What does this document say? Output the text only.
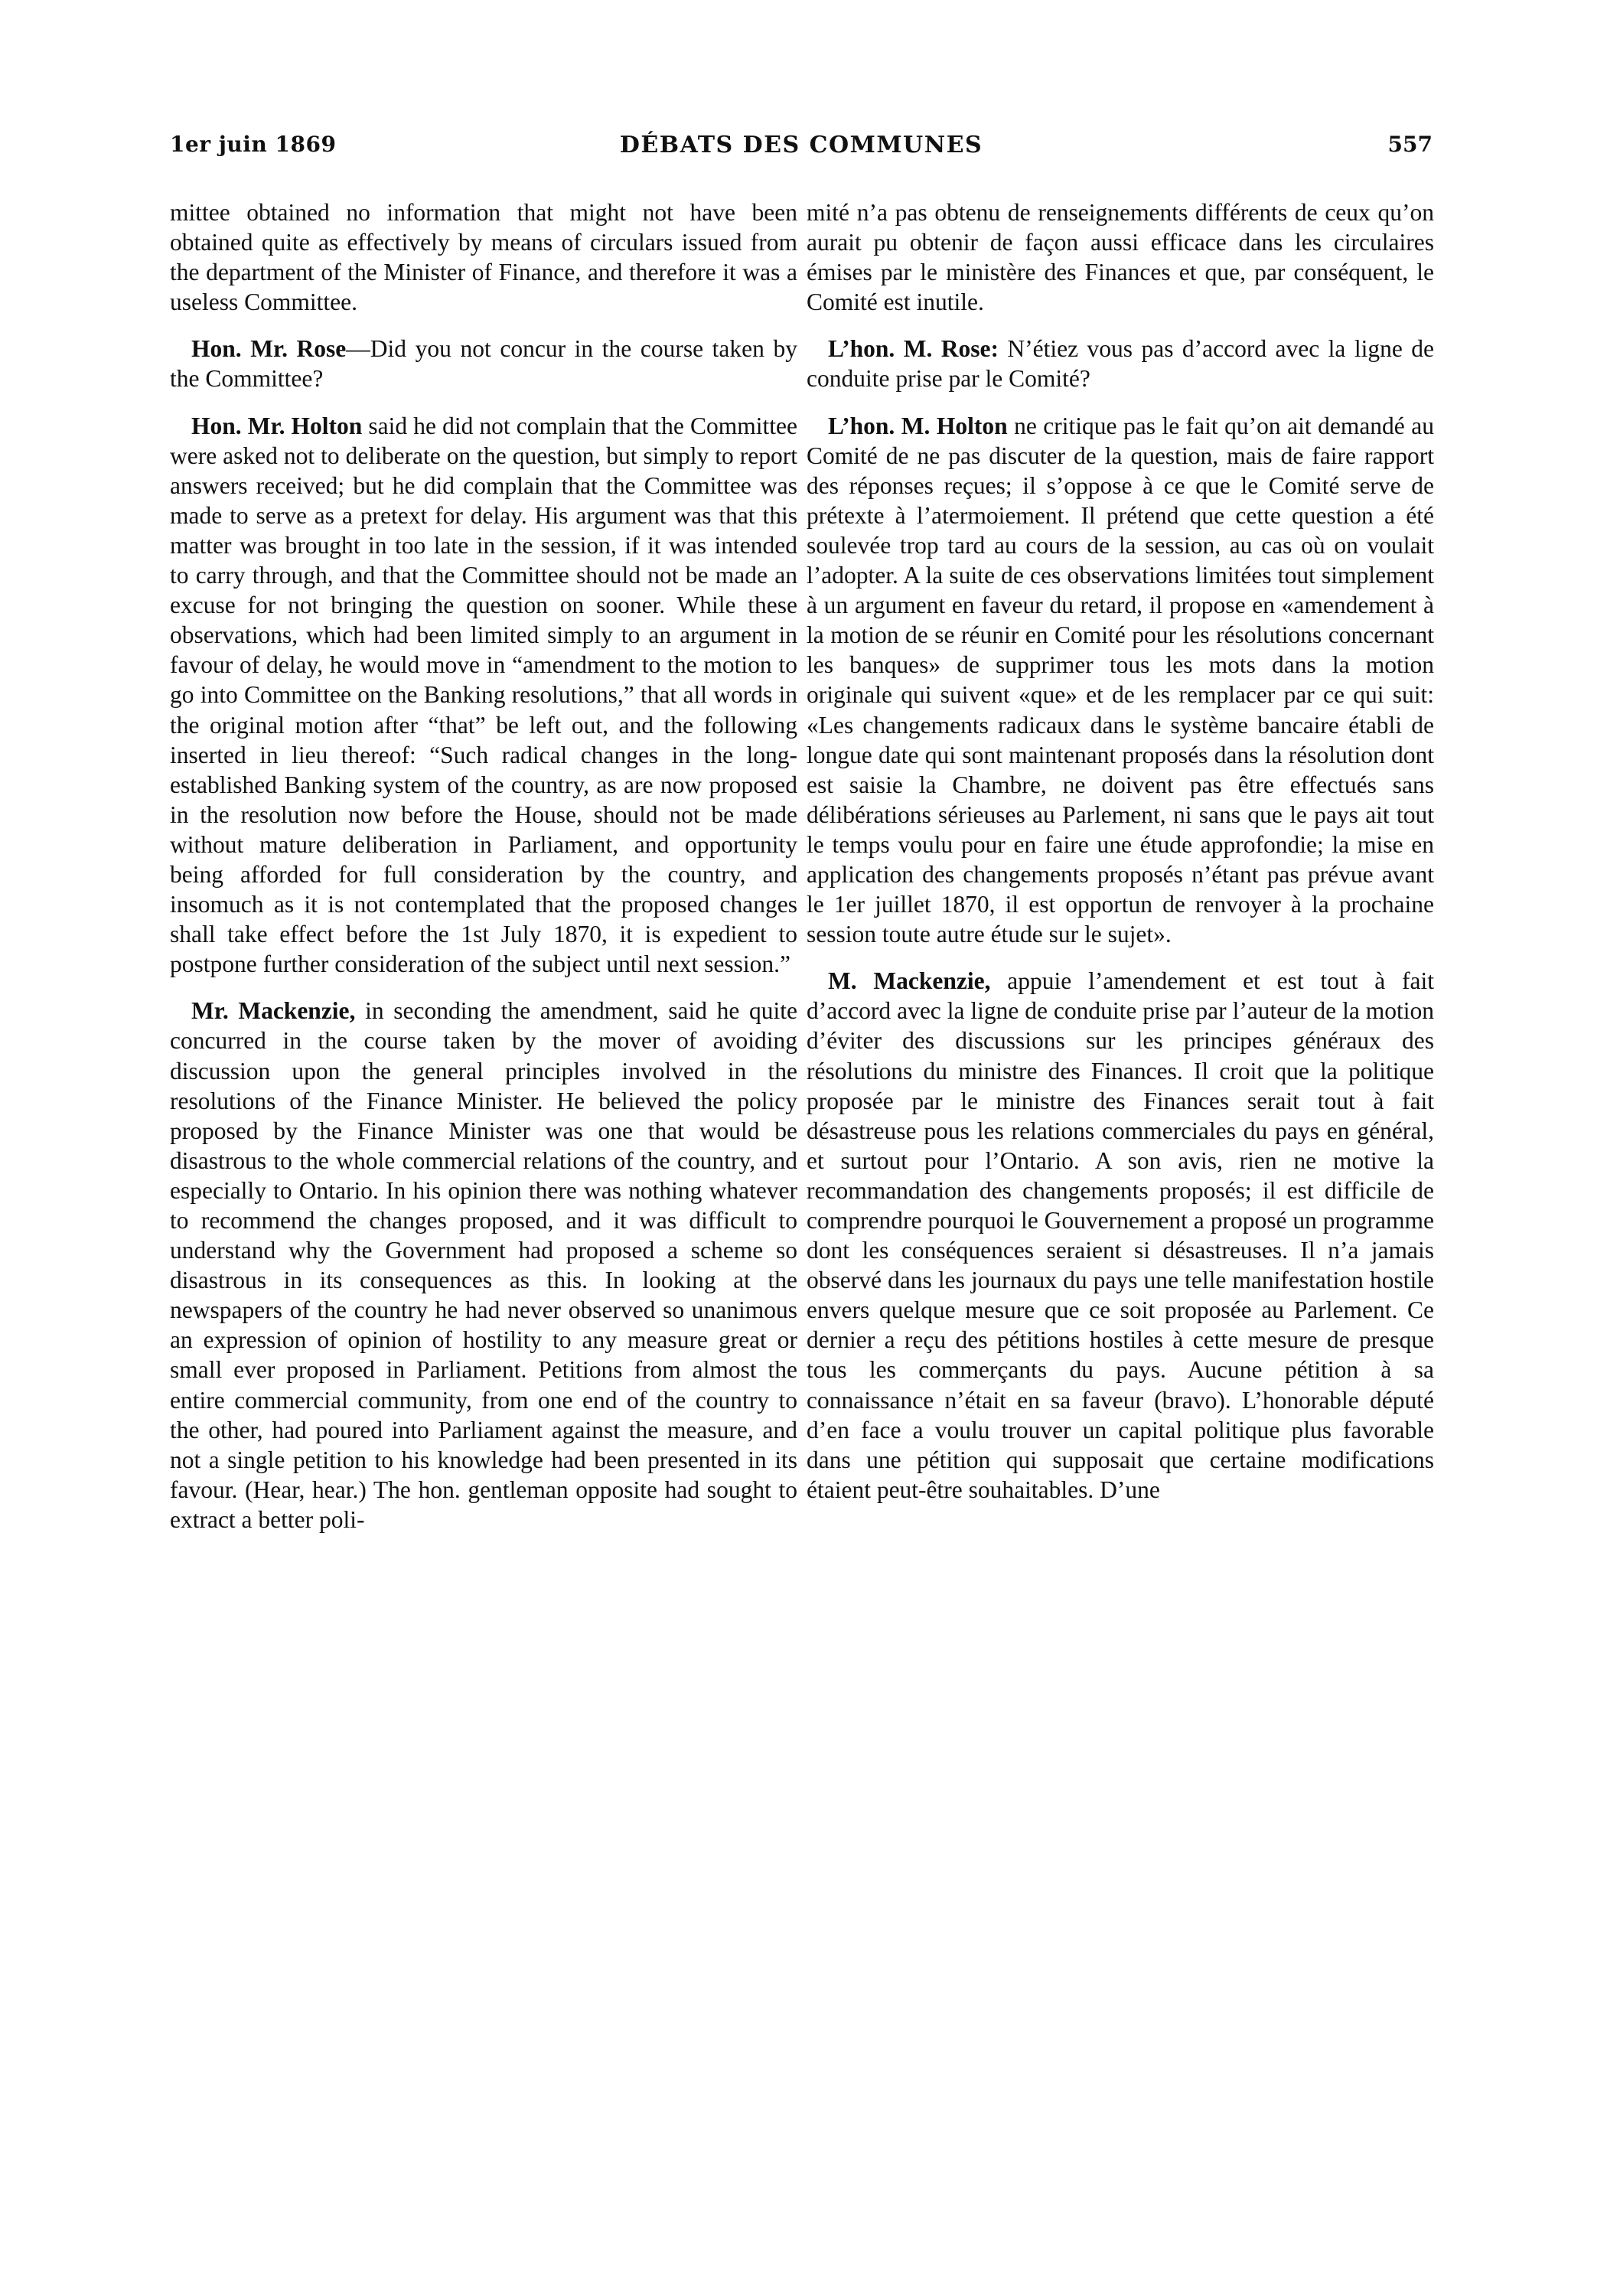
1er juin 1869	DÉBATS DES COMMUNES	557

mittee obtained no information that might not have been obtained quite as effectively by means of circulars issued from the department of the Minister of Finance, and therefore it was a useless Committee.

Hon. Mr. Rose—Did you not concur in the course taken by the Committee?

Hon. Mr. Holton said he did not complain that the Committee were asked not to deliberate on the question, but simply to report answers received; but he did complain that the Committee was made to serve as a pretext for delay. His argument was that this matter was brought in too late in the session, if it was intended to carry through, and that the Committee should not be made an excuse for not bringing the question on sooner. While these observations, which had been limited simply to an argument in favour of delay, he would move in “amendment to the motion to go into Committee on the Banking resolutions,” that all words in the original motion after “that” be left out, and the following inserted in lieu thereof: “Such radical changes in the long-established Banking system of the country, as are now proposed in the resolution now before the House, should not be made without mature deliberation in Parliament, and opportunity being afforded for full consideration by the country, and insomuch as it is not contemplated that the proposed changes shall take effect before the 1st July 1870, it is expedient to postpone further consideration of the subject until next session.”

Mr. Mackenzie, in seconding the amendment, said he quite concurred in the course taken by the mover of avoiding discussion upon the general principles involved in the resolutions of the Finance Minister. He believed the policy proposed by the Finance Minister was one that would be disastrous to the whole commercial relations of the country, and especially to Ontario. In his opinion there was nothing whatever to recommend the changes proposed, and it was difficult to understand why the Government had proposed a scheme so disastrous in its consequences as this. In looking at the newspapers of the country he had never observed so unanimous an expression of opinion of hostility to any measure great or small ever proposed in Parliament. Petitions from almost the entire commercial community, from one end of the country to the other, had poured into Parliament against the measure, and not a single petition to his knowledge had been presented in its favour. (Hear, hear.) The hon. gentleman opposite had sought to extract a better poli-

mité n’a pas obtenu de renseignements différents de ceux qu’on aurait pu obtenir de façon aussi efficace dans les circulaires émises par le ministère des Finances et que, par conséquent, le Comité est inutile.

L’hon. M. Rose: N’étiez vous pas d’accord avec la ligne de conduite prise par le Comité?

L’hon. M. Holton ne critique pas le fait qu’on ait demandé au Comité de ne pas discuter de la question, mais de faire rapport des réponses reçues; il s’oppose à ce que le Comité serve de prétexte à l’atermoiement. Il prétend que cette question a été soulevée trop tard au cours de la session, au cas où on voulait l’adopter. A la suite de ces observations limitées tout simplement à un argument en faveur du retard, il propose en «amendement à la motion de se réunir en Comité pour les résolutions concernant les banques» de supprimer tous les mots dans la motion originale qui suivent «que» et de les remplacer par ce qui suit: «Les changements radicaux dans le système bancaire établi de longue date qui sont maintenant proposés dans la résolution dont est saisie la Chambre, ne doivent pas être effectués sans délibérations sérieuses au Parlement, ni sans que le pays ait tout le temps voulu pour en faire une étude approfondie; la mise en application des changements proposés n’étant pas prévue avant le 1er juillet 1870, il est opportun de renvoyer à la prochaine session toute autre étude sur le sujet».

M. Mackenzie, appuie l’amendement et est tout à fait d’accord avec la ligne de conduite prise par l’auteur de la motion d’éviter des discussions sur les principes généraux des résolutions du ministre des Finances. Il croit que la politique proposée par le ministre des Finances serait tout à fait désastreuse pous les relations commerciales du pays en général, et surtout pour l’Ontario. A son avis, rien ne motive la recommandation des changements proposés; il est difficile de comprendre pourquoi le Gouvernement a proposé un programme dont les conséquences seraient si désastreuses. Il n’a jamais observé dans les journaux du pays une telle manifestation hostile envers quelque mesure que ce soit proposée au Parlement. Ce dernier a reçu des pétitions hostiles à cette mesure de presque tous les commerçants du pays. Aucune pétition à sa connaissance n’était en sa faveur (bravo). L’honorable député d’en face a voulu trouver un capital politique plus favorable dans une pétition qui supposait que certaine modifications étaient peut-être souhaitables. D’une
